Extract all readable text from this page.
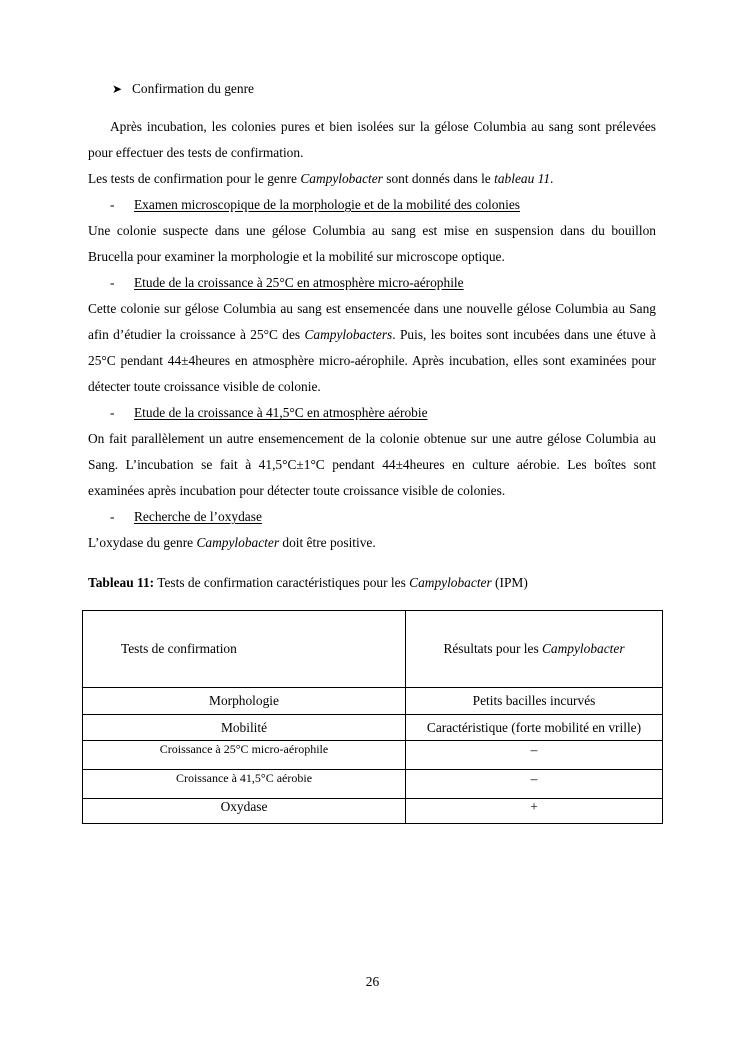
➤ Confirmation du genre

Après incubation, les colonies pures et bien isolées sur la gélose Columbia au sang sont prélevées pour effectuer des tests de confirmation.

Les tests de confirmation pour le genre Campylobacter sont donnés dans le tableau 11.

-	Examen microscopique de la morphologie et de la mobilité des colonies

Une colonie suspecte dans une gélose Columbia au sang est mise en suspension dans du bouillon Brucella pour examiner la morphologie et la mobilité sur microscope optique.

-	Etude de la croissance à 25°C en atmosphère micro-aérophile

Cette colonie sur gélose Columbia au sang est ensemencée dans une nouvelle gélose Columbia au Sang afin d’étudier la croissance à 25°C des Campylobacters. Puis, les boites sont incubées dans une étuve à 25°C pendant 44±4heures en atmosphère micro-aérophile. Après incubation, elles sont examinées pour détecter toute croissance visible de colonie.

-	Etude de la croissance à 41,5°C en atmosphère aérobie

On fait parallèlement un autre ensemencement de la colonie obtenue sur une autre gélose Columbia au Sang. L’incubation se fait à 41,5°C±1°C pendant 44±4heures en culture aérobie. Les boîtes sont examinées après incubation pour détecter toute croissance visible de colonies.

-	Recherche de l’oxydase

L’oxydase du genre Campylobacter doit être positive.

Tableau 11: Tests de confirmation caractéristiques pour les Campylobacter (IPM)

Tests de confirmation	Résultats pour les Campylobacter
Morphologie	Petits bacilles incurvés
Mobilité	Caractéristique (forte mobilité en vrille)
Croissance à 25°C micro-aérophile	–
Croissance à 41,5°C aérobie	–
Oxydase	+
26
